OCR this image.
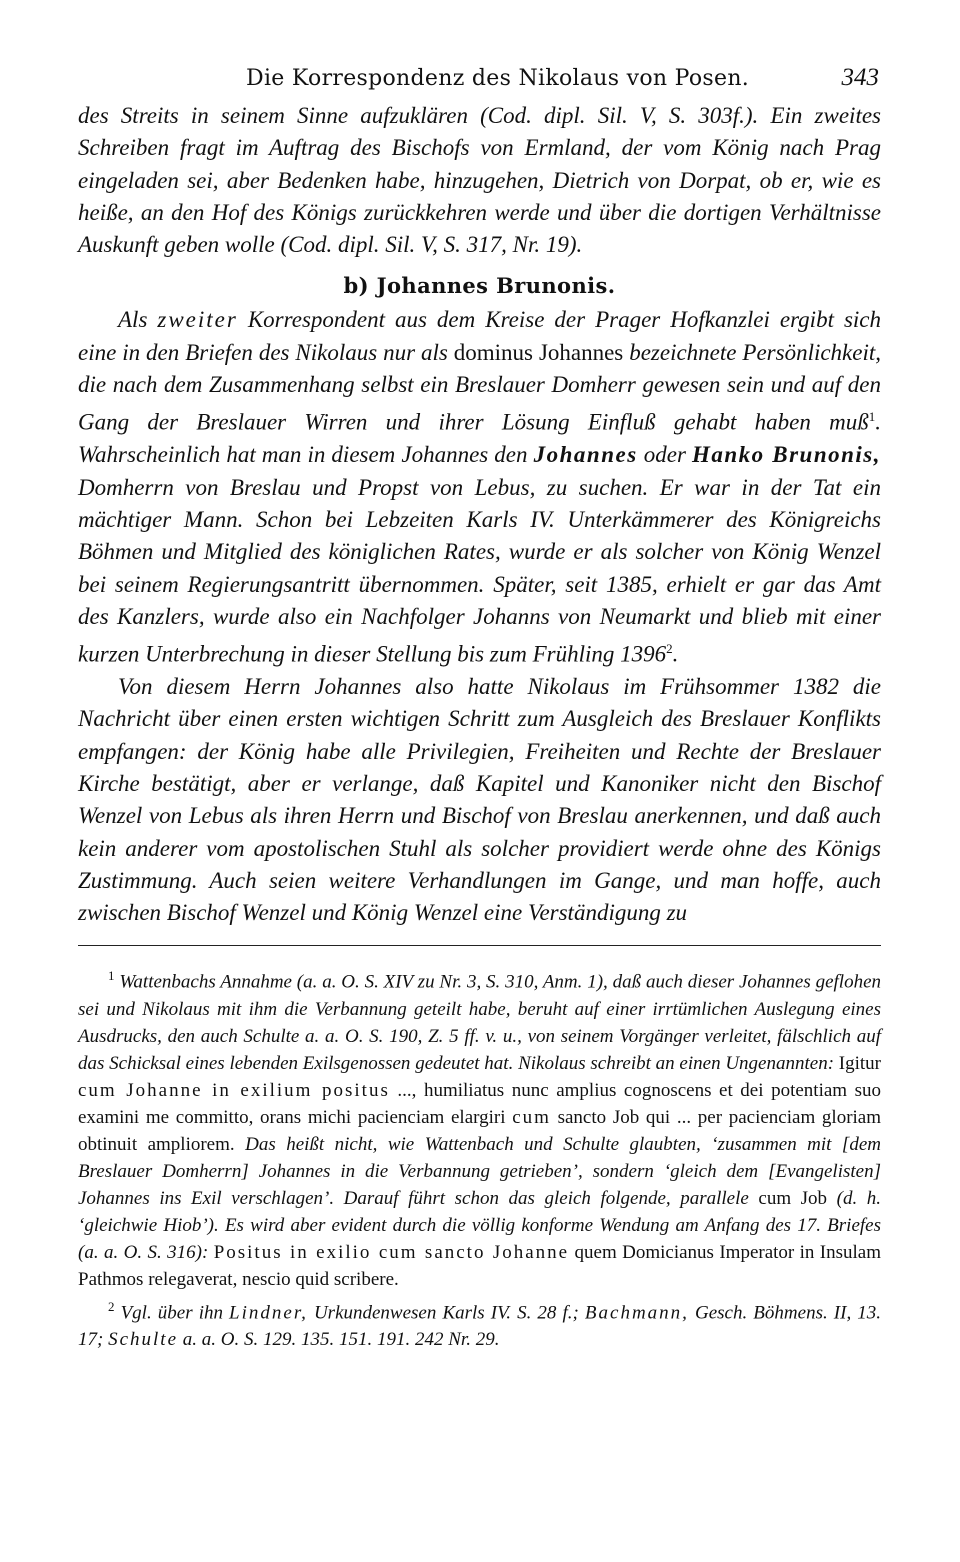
Die Korrespondenz des Nikolaus von Posen.	343

des Streits in seinem Sinne aufzuklären (Cod. dipl. Sil. V, S. 303f.). Ein zweites Schreiben fragt im Auftrag des Bischofs von Ermland, der vom König nach Prag eingeladen sei, aber Bedenken habe, hinzugehen, Dietrich von Dorpat, ob er, wie es heiße, an den Hof des Königs zurückkehren werde und über die dortigen Verhältnisse Auskunft geben wolle (Cod. dipl. Sil. V, S. 317, Nr. 19).

b) Johannes Brunonis.

Als zweiter Korrespondent aus dem Kreise der Prager Hofkanzlei ergibt sich eine in den Briefen des Nikolaus nur als dominus Johannes bezeichnete Persönlichkeit, die nach dem Zusammenhang selbst ein Breslauer Domherr gewesen sein und auf den Gang der Breslauer Wirren und ihrer Lösung Einfluß gehabt haben muß$^1$. Wahrscheinlich hat man in diesem Johannes den Johannes oder Hanko Brunonis, Domherrn von Breslau und Propst von Lebus, zu suchen. Er war in der Tat ein mächtiger Mann. Schon bei Lebzeiten Karls IV. Unterkämmerer des Königreichs Böhmen und Mitglied des königlichen Rates, wurde er als solcher von König Wenzel bei seinem Regierungsantritt übernommen. Später, seit 1385, erhielt er gar das Amt des Kanzlers, wurde also ein Nachfolger Johanns von Neumarkt und blieb mit einer kurzen Unterbrechung in dieser Stellung bis zum Frühling 1396$^2$.

Von diesem Herrn Johannes also hatte Nikolaus im Frühsommer 1382 die Nachricht über einen ersten wichtigen Schritt zum Ausgleich des Breslauer Konflikts empfangen: der König habe alle Privilegien, Freiheiten und Rechte der Breslauer Kirche bestätigt, aber er verlange, daß Kapitel und Kanoniker nicht den Bischof Wenzel von Lebus als ihren Herrn und Bischof von Breslau anerkennen, und daß auch kein anderer vom apostolischen Stuhl als solcher providiert werde ohne des Königs Zustimmung. Auch seien weitere Verhandlungen im Gange, und man hoffe, auch zwischen Bischof Wenzel und König Wenzel eine Verständigung zu

$^1$ Wattenbachs Annahme (a. a. O. S. XIV zu Nr. 3, S. 310, Anm. 1), daß auch dieser Johannes geflohen sei und Nikolaus mit ihm die Verbannung geteilt habe, beruht auf einer irrtümlichen Auslegung eines Ausdrucks, den auch Schulte a. a. O. S. 190, Z. 5 ff. v. u., von seinem Vorgänger verleitet, fälschlich auf das Schicksal eines lebenden Exilsgenossen gedeutet hat. Nikolaus schreibt an einen Ungenannten: Igitur cum Johanne in exilium positus ..., humiliatus nunc amplius cognoscens et dei potentiam suo examini me committo, orans michi pacienciam elargiri cum sancto Job qui ... per pacienciam gloriam obtinuit ampliorem. Das heißt nicht, wie Wattenbach und Schulte glaubten, ‘zusammen mit [dem Breslauer Domherrn] Johannes in die Verbannung getrieben’, sondern ‘gleich dem [Evangelisten] Johannes ins Exil verschlagen’. Darauf führt schon das gleich folgende, parallele cum Job (d. h. ‘gleichwie Hiob’). Es wird aber evident durch die völlig konforme Wendung am Anfang des 17. Briefes (a. a. O. S. 316): Positus in exilio cum sancto Johanne quem Domicianus Imperator in Insulam Pathmos relegaverat, nescio quid scribere.

$^2$ Vgl. über ihn Lindner, Urkundenwesen Karls IV. S. 28 f.; Bachmann, Gesch. Böhmens. II, 13. 17; Schulte a. a. O. S. 129. 135. 151. 191. 242 Nr. 29.
